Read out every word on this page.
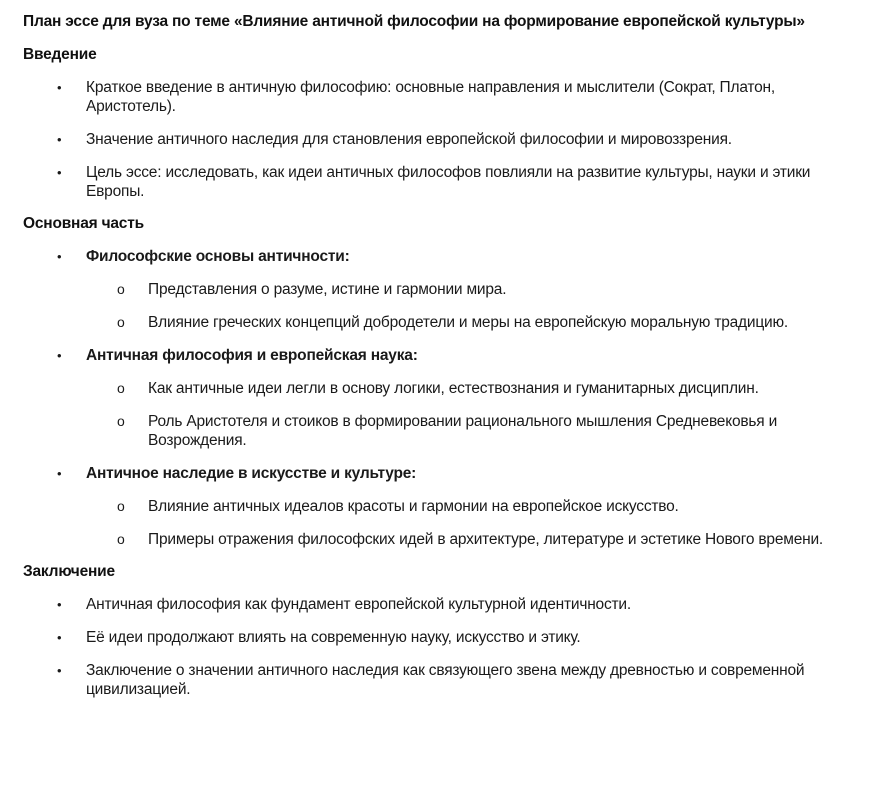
План эссе для вуза по теме «Влияние античной философии на формирование европейской культуры»
Введение
• Краткое введение в античную философию: основные направления и мыслители (Сократ, Платон, Аристотель).
• Значение античного наследия для становления европейской философии и мировоззрения.
• Цель эссе: исследовать, как идеи античных философов повлияли на развитие культуры, науки и этики Европы.
Основная часть
• Философские основы античности:
o Представления о разуме, истине и гармонии мира.
o Влияние греческих концепций добродетели и меры на европейскую моральную традицию.
• Античная философия и европейская наука:
o Как античные идеи легли в основу логики, естествознания и гуманитарных дисциплин.
o Роль Аристотеля и стоиков в формировании рационального мышления Средневековья и Возрождения.
• Античное наследие в искусстве и культуре:
o Влияние античных идеалов красоты и гармонии на европейское искусство.
o Примеры отражения философских идей в архитектуре, литературе и эстетике Нового времени.
Заключение
• Античная философия как фундамент европейской культурной идентичности.
• Её идеи продолжают влиять на современную науку, искусство и этику.
• Заключение о значении античного наследия как связующего звена между древностью и современной цивилизацией.
